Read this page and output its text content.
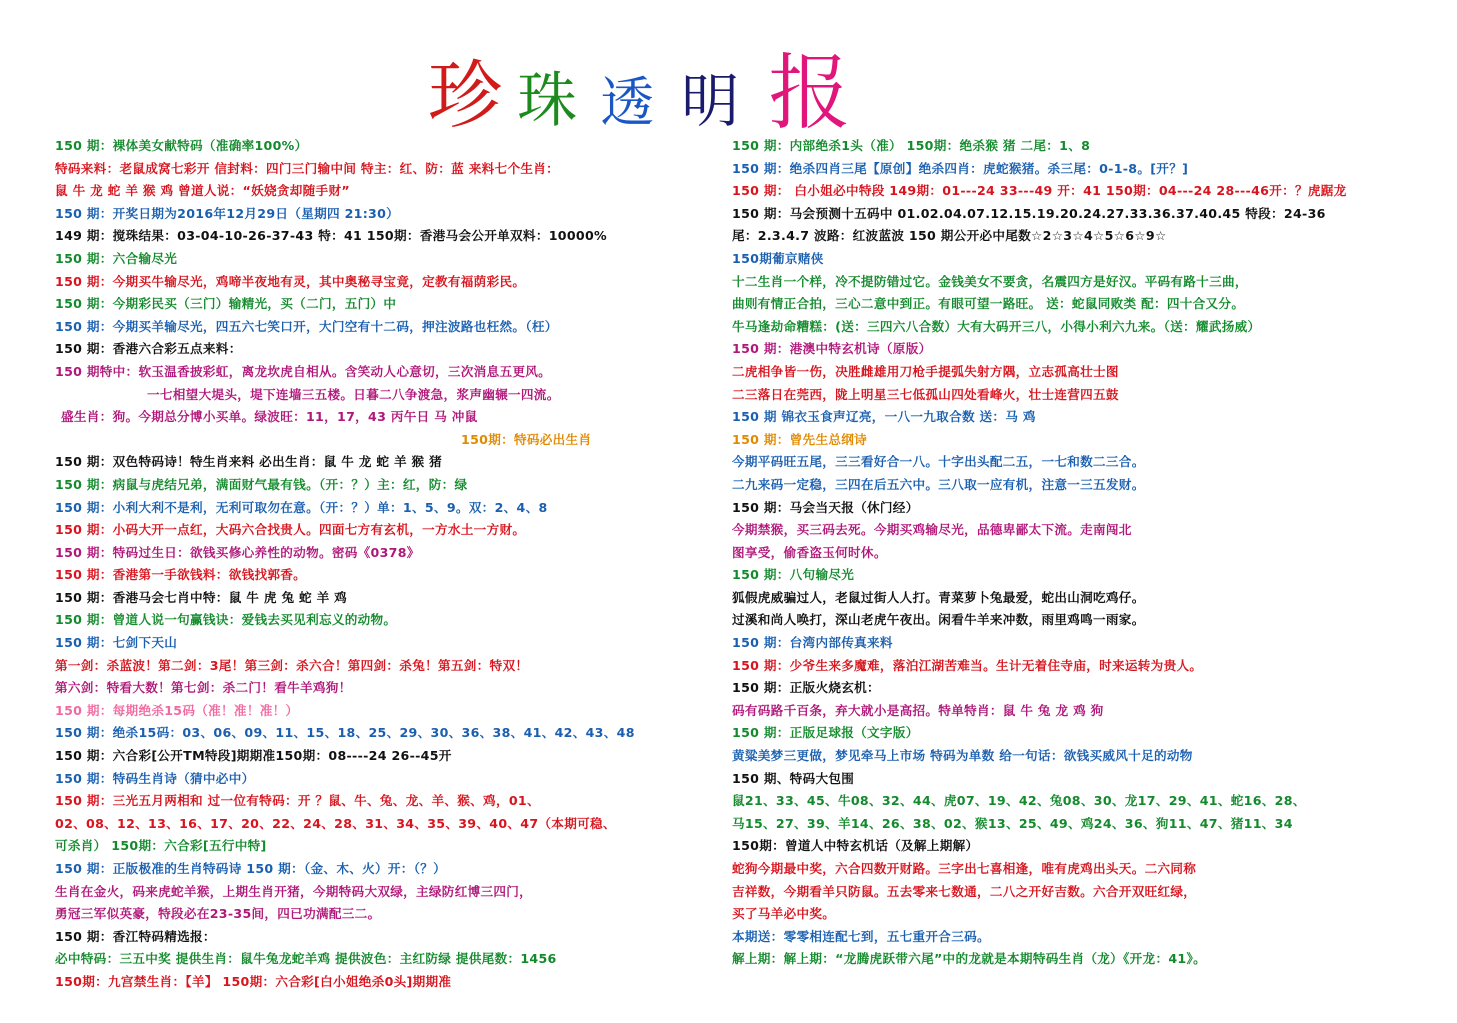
珍 珠 透 明 报
150 期：裸体美女献特码（准确率100%）
特码来料：老鼠成窝七彩开 信封料：四门三门输中间 特主：红、防：蓝 来料七个生肖：
鼠 牛 龙 蛇 羊 猴 鸡 曾道人说：“妖娆贪却随手财”
150 期：开奖日期为2016年12月29日（星期四 21:30）
149 期：搅珠结果：03-04-10-26-37-43 特：41 150期：香港马会公开单双料：10000%
150 期：六合输尽光
150 期：今期买牛输尽光，鸡啼半夜地有灵，其中奥秘寻宝竟，定教有福荫彩民。
150 期：今期彩民买（三门）输精光，买（二门，五门）中
150 期：今期买羊输尽光，四五六七笑口开，大门空有十二码，押注波路也枉然。（枉）
150 期：香港六合彩五点来料：
150 期特中：软玉温香披彩虹，离龙坎虎自相从。含笑动人心意切，三次消息五更风。
一七相望大堤头，堤下连墙三五楼。日暮二八争渡急，浆声幽辗一四流。
盛生肖：狗。今期总分博小买单。绿波旺：11，17，43 丙午日 马 冲鼠
150期：特码必出生肖
150 期：双色特码诗！特生肖来料 必出生肖：鼠 牛 龙 蛇 羊 猴 猪
150 期：病鼠与虎结兄弟，满面财气最有钱。（开：？）主：红，防：绿
150 期：小利大利不是利，无利可取勿在意。（开：？）单：1、5、9。双：2、4、8
150 期：小码大开一点红，大码六合找贵人。四面七方有玄机，一方水土一方财。
150 期：特码过生日：欲钱买修心养性的动物。密码《0378》
150 期：香港第一手欲钱料：欲钱找郭香。
150 期：香港马会七肖中特：鼠 牛 虎 兔 蛇 羊 鸡
150 期：曾道人说一句赢钱诀：爱钱去买见利忘义的动物。
150 期：七剑下天山
第一剑：杀蓝波！第二剑：3尾！第三剑：杀六合！第四剑：杀兔！第五剑：特双！
第六剑：特看大数！第七剑：杀二门！看牛羊鸡狗！
150 期：每期绝杀15码（准！准！准！）
150 期：绝杀15码：03、06、09、11、15、18、25、29、30、36、38、41、42、43、48
150 期：六合彩[公开TM特段]期期准150期：08----24 26--45开
150 期：特码生肖诗（猜中必中）
150 期：三光五月两相和 过一位有特码：开 ？鼠、牛、兔、龙、羊、猴、鸡，01、
02、08、12、13、16、17、20、22、24、28、31、34、35、39、40、47（本期可稳、
可杀肖） 150期：六合彩[五行中特]
150 期：正版极准的生肖特码诗 150 期：（金、木、火）开：（？）
生肖在金火，码来虎蛇羊猴，上期生肖开猪，今期特码大双绿，主绿防红博三四门，
勇冠三军似英豪，特段必在23-35间，四已功满配三二。
150 期：香江特码精选报：
必中特码：三五中奖 提供生肖：鼠牛兔龙蛇羊鸡 提供波色：主红防绿 提供尾数：1456
150期：九宫禁生肖：【羊】 150期：六合彩[白小姐绝杀0头]期期准
150 期：内部绝杀1头（准） 150期：绝杀猴 猪 二尾：1、8
150 期：绝杀四肖三尾【原创】绝杀四肖：虎蛇猴猪。杀三尾：0-1-8。[开？]
150 期： 白小姐必中特段 149期：01---24 33---49 开：41 150期：04---24 28---46开：？虎踞龙
150 期：马会预测十五码中 01.02.04.07.12.15.19.20.24.27.33.36.37.40.45 特段：24-36
尾：2.3.4.7 波路：红波蓝波 150 期公开必中尾数☆2☆3☆4☆5☆6☆9☆
150期葡京赌侠
十二生肖一个样，冷不提防错过它。金钱美女不要贪，名震四方是好汉。平码有路十三曲，
曲则有情正合拍，三心二意中到正。有眼可望一路旺。 送：蛇鼠同败类 配：四十合又分。
牛马逢劫命糟糕：(送：三四六八合数）大有大码开三八，小得小利六九来。（送：耀武扬威）
150 期：港澳中特玄机诗（原版）
二虎相争皆一伤，决胜雌雄用刀枪手提弧失射方隅，立志孤高壮士图
二三落日在莞西，陇上明星三七低孤山四处看峰火，壮士连营四五鼓
150 期 锦衣玉食声辽亮，一八一九取合数 送：马 鸡
150 期：曾先生总纲诗
今期平码旺五尾，三三看好合一八。十字出头配二五，一七和数二三合。
二九来码一定稳，三四在后五六中。三八取一应有机，注意一三五发财。
150 期：马会当天报（休门经）
今期禁猴，买三码去死。今期买鸡输尽光，品德卑鄙太下流。走南闯北
图享受，偷香盗玉何时休。
150 期：八句输尽光
狐假虎威骗过人，老鼠过街人人打。青菜萝卜兔最爱，蛇出山洞吃鸡仔。
过溪和尚人唤打，深山老虎午夜出。闲看牛羊来冲数，雨里鸡鸣一雨家。
150 期：台湾内部传真来料
150 期：少爷生来多魔难，落泊江湖苦难当。生计无着住寺庙，时来运转为贵人。
150 期：正版火烧玄机：
码有码路千百条，弃大就小是高招。特单特肖：鼠 牛 兔 龙 鸡 狗
150 期：正版足球报（文字版）
黄粱美梦三更做，梦见牵马上市场 特码为单数 给一句话：欲钱买威风十足的动物
150 期、特码大包围
鼠21、33、45、牛08、32、44、虎07、19、42、兔08、30、龙17、29、41、蛇16、28、
马15、27、39、羊14、26、38、02、猴13、25、49、鸡24、36、狗11、47、猪11、34
150期：曾道人中特玄机话（及解上期解）
蛇狗今期最中奖，六合四数开财路。三字出七喜相逢，唯有虎鸡出头天。二六同称
吉祥数，今期看羊只防鼠。五去零来七数通，二八之开好吉数。六合开双旺红绿，
买了马羊必中奖。
本期送：零零相连配七到，五七重开合三码。
解上期：解上期：“龙腾虎跃带六尾”中的龙就是本期特码生肖（龙）《开龙：41》。
